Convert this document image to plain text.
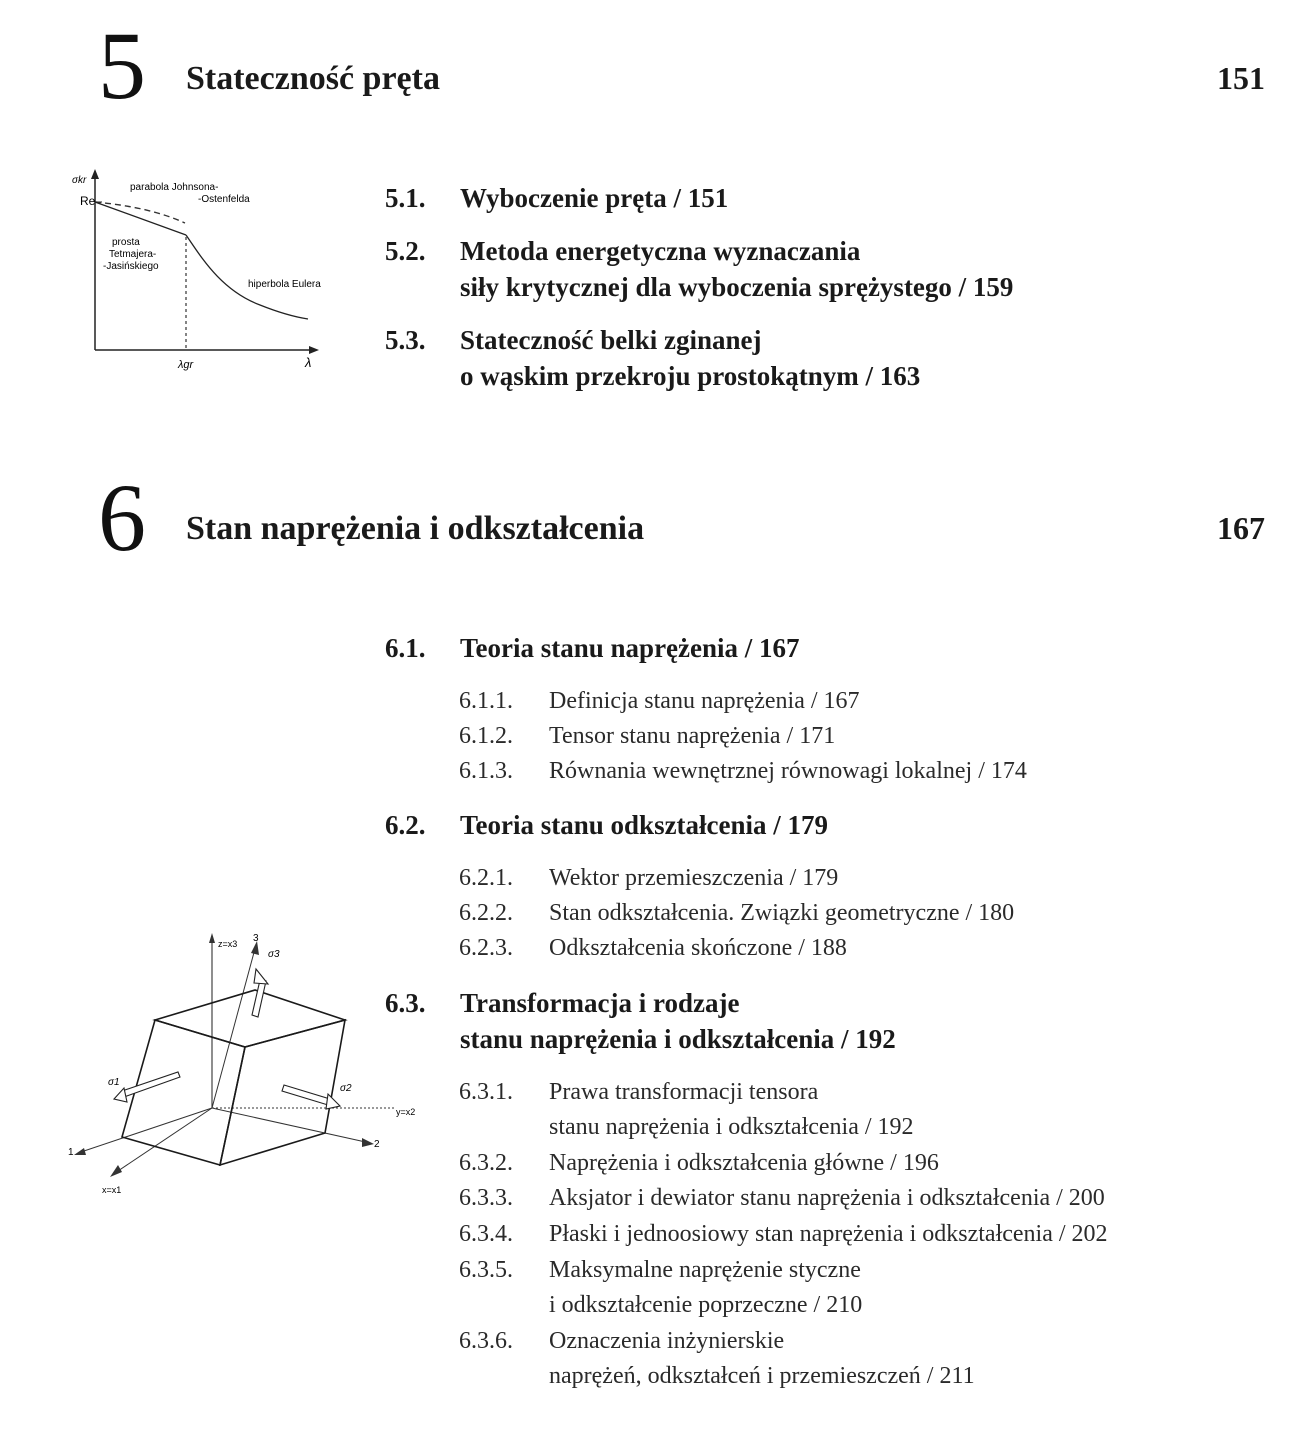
5 Stateczność pręta	151
σkr
Re
parabola Johnsona-
-Ostenfelda
prosta
Tetmajera-
-Jasińskiego
hiperbola Eulera
λgr	λ
5.1. Wyboczenie pręta / 151
5.2. Metoda energetyczna wyznaczania
siły krytycznej dla wyboczenia sprężystego / 159
5.3. Stateczność belki zginanej
o wąskim przekroju prostokątnym / 163
6 Stan naprężenia i odkształcenia	167
6.1. Teoria stanu naprężenia / 167
6.1.1. Definicja stanu naprężenia / 167
6.1.2. Tensor stanu naprężenia / 171
6.1.3. Równania wewnętrznej równowagi lokalnej / 174
6.2. Teoria stanu odkształcenia / 179
6.2.1. Wektor przemieszczenia / 179
6.2.2. Stan odkształcenia. Związki geometryczne / 180
6.2.3. Odkształcenia skończone / 188
6.3. Transformacja i rodzaje
stanu naprężenia i odkształcenia / 192
6.3.1. Prawa transformacji tensora
stanu naprężenia i odkształcenia / 192
6.3.2. Naprężenia i odkształcenia główne / 196
6.3.3. Aksjator i dewiator stanu naprężenia i odkształcenia / 200
6.3.4. Płaski i jednoosiowy stan naprężenia i odkształcenia / 202
6.3.5. Maksymalne naprężenie styczne
i odkształcenie poprzeczne / 210
6.3.6. Oznaczenia inżynierskie
naprężeń, odkształceń i przemieszczeń / 211
z=x3 3
σ3
σ1
σ2
y=x2
1
2
x=x1
